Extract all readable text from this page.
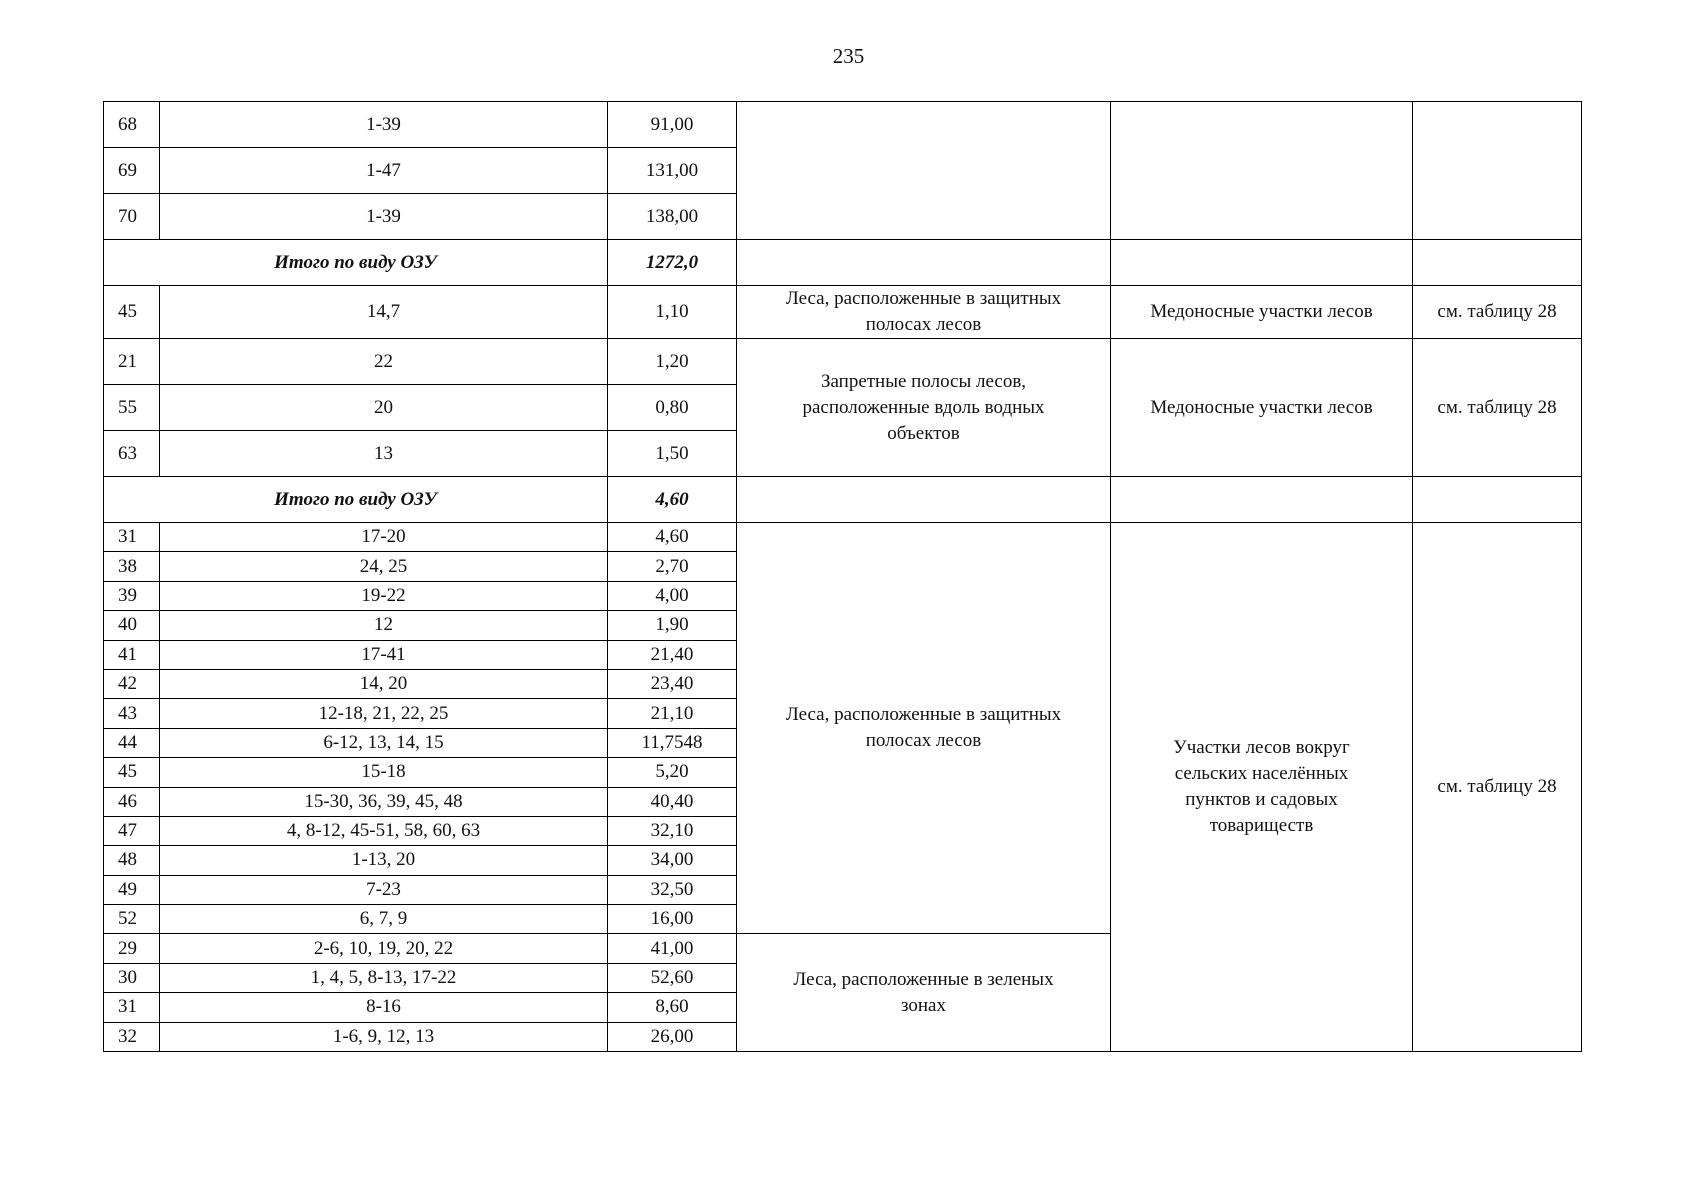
235
68	1-39	91,00			
69	1-47	131,00			
70	1-39	138,00			
Итого по виду ОЗУ		1272,0			
45	14,7	1,10	Леса, расположенные в защитных
полосах лесов	Медоносные участки лесов	см. таблицу 28
21	22	1,20	Запретные полосы лесов,
расположенные вдоль водных
объектов	Медоносные участки лесов	см. таблицу 28
55	20	0,80			
63	13	1,50			
Итого по виду ОЗУ		4,60			
31	17-20	4,60	Леса, расположенные в защитных
полосах лесов	Участки лесов вокруг
сельских населённых
пунктов и садовых
товариществ	см. таблицу 28
38	24, 25	2,70			
39	19-22	4,00			
40	12	1,90			
41	17-41	21,40			
42	14, 20	23,40			
43	12-18, 21, 22, 25	21,10			
44	6-12, 13, 14, 15	11,7548			
45	15-18	5,20			
46	15-30, 36, 39, 45, 48	40,40			
47	4, 8-12, 45-51, 58, 60, 63	32,10			
48	1-13, 20	34,00			
49	7-23	32,50			
52	6, 7, 9	16,00			
29	2-6, 10, 19, 20, 22	41,00	Леса, расположенные в зеленых
зонах		
30	1, 4, 5, 8-13, 17-22	52,60			
31	8-16	8,60			
32	1-6, 9, 12, 13	26,00			
